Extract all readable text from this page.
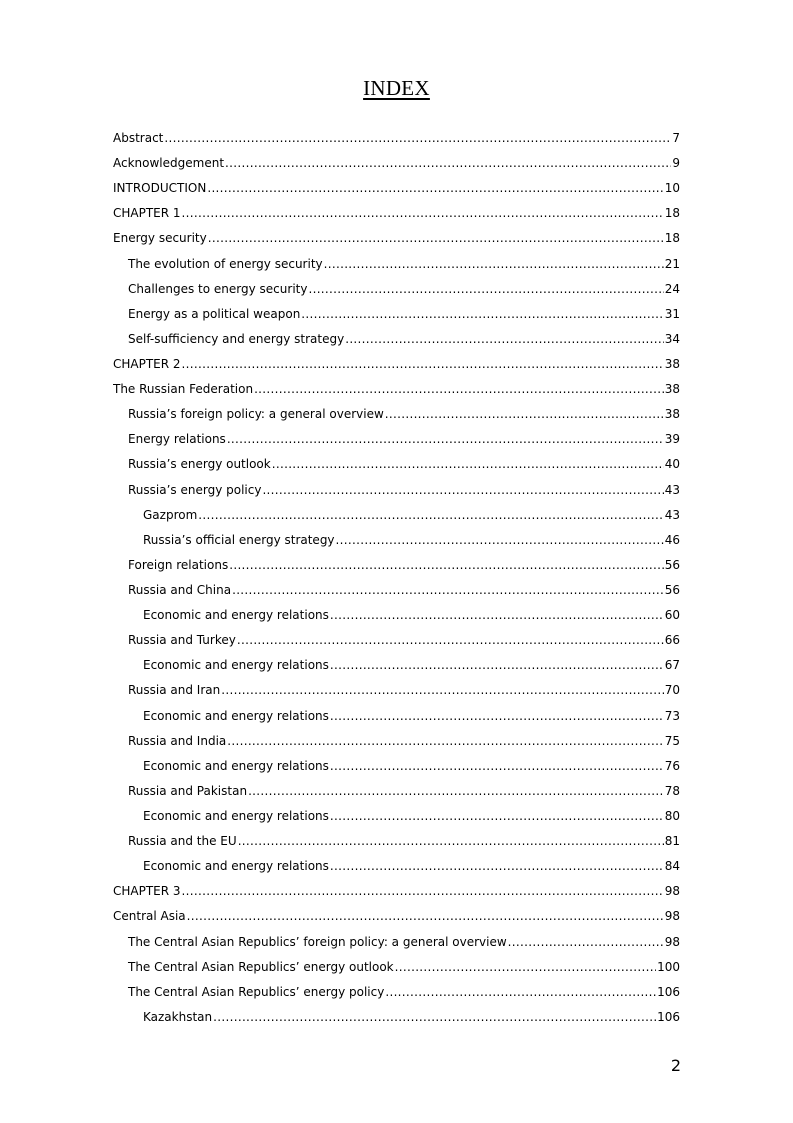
INDEX
Abstract .....	7
Acknowledgement .....	9
INTRODUCTION .....	10
CHAPTER 1 .....	18
Energy security .....	18
The evolution of energy security .....	21
Challenges to energy security .....	24
Energy as a political weapon .....	31
Self-sufficiency and energy strategy .....	34
CHAPTER 2 .....	38
The Russian Federation .....	38
Russia’s foreign policy: a general overview .....	38
Energy relations .....	39
Russia’s energy outlook .....	40
Russia’s energy policy .....	43
Gazprom .....	43
Russia’s official energy strategy .....	46
Foreign relations .....	56
Russia and China .....	56
Economic and energy relations .....	60
Russia and Turkey .....	66
Economic and energy relations .....	67
Russia and Iran .....	70
Economic and energy relations .....	73
Russia and India .....	75
Economic and energy relations .....	76
Russia and Pakistan .....	78
Economic and energy relations .....	80
Russia and the EU .....	81
Economic and energy relations .....	84
CHAPTER 3 .....	98
Central Asia .....	98
The Central Asian Republics’ foreign policy: a general overview .....	98
The Central Asian Republics’ energy outlook .....	100
The Central Asian Republics’ energy policy .....	106
Kazakhstan .....	106
2
